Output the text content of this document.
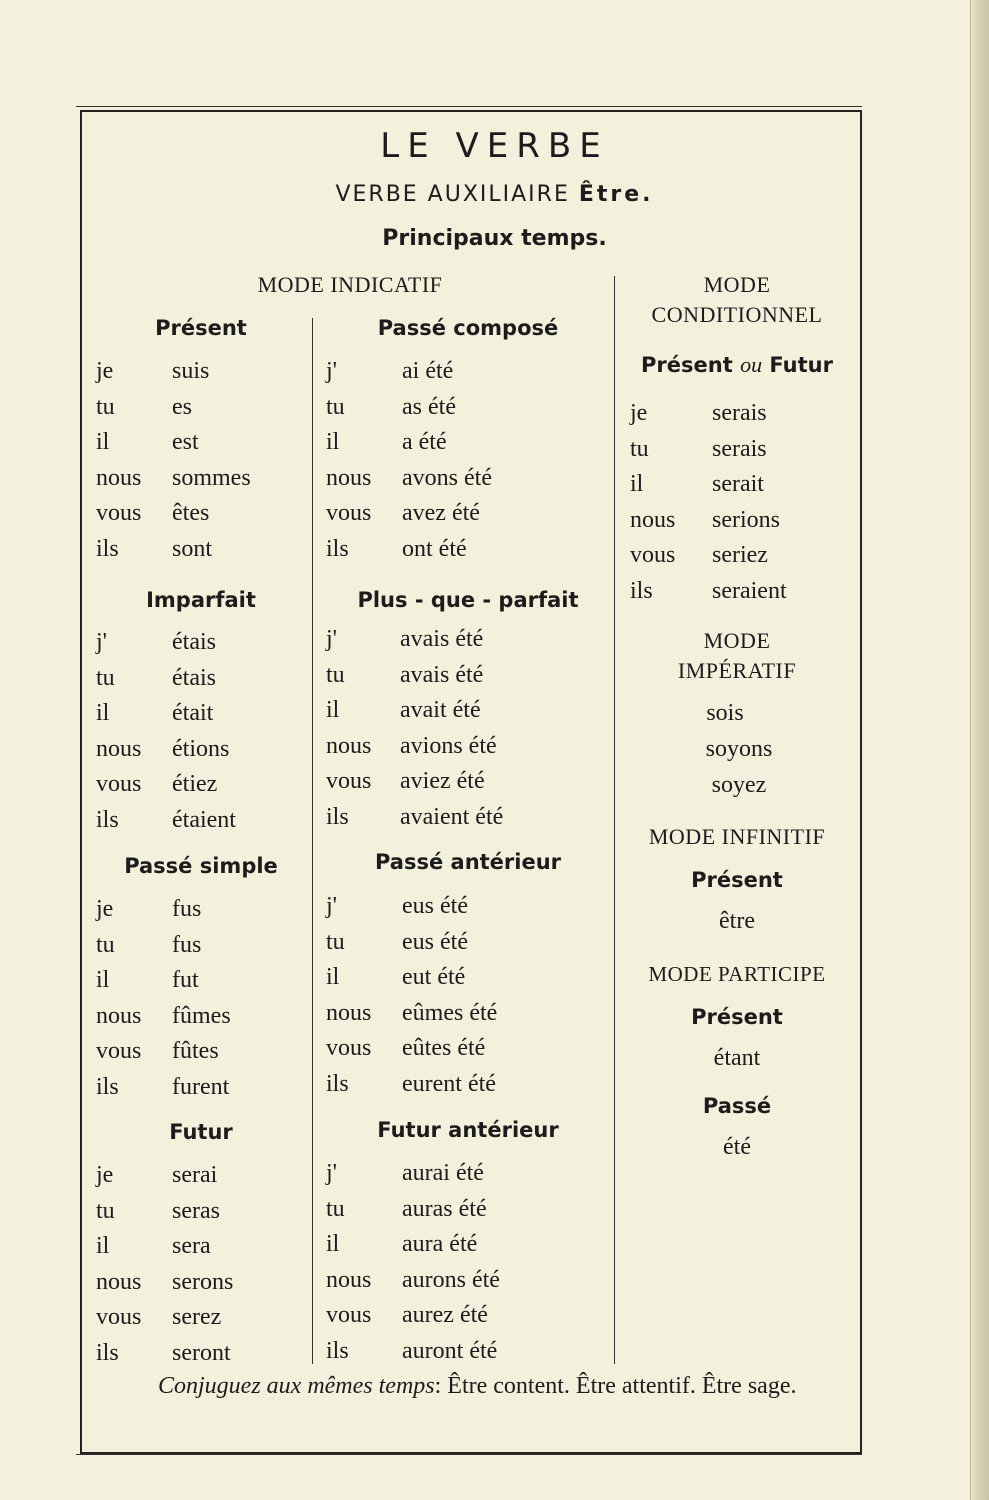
LE VERBE
VERBE AUXILIAIRE Être.
Principaux temps.
MODE INDICATIF
Présent
je suis
tu es
il	est
nous sommes
vous êtes
ils sont
Passé composé
j'	ai été
tu as été
il	a été
nous avons été
vous avez été
ils ont été
Imparfait
j'	étais
tu étais
il	était
nous étions
vous étiez
ils étaient
Plus - que - parfait
j'	avais été
tu avais été
il	avait été
nous avions été
vous aviez été
ils avaient été
Passé simple
je fus
tu fus
il	fut
nous fûmes
vous fûtes
ils furent
Passé antérieur
j'	eus été
tu eus été
il	eut été
nous eûmes été
vous eûtes été
ils eurent été
Futur
je serai
tu seras
il	sera
nous serons
vous serez
ils seront
Futur antérieur
j'	aurai été
tu auras été
il	aura été
nous aurons été
vous aurez été
ils auront été
MODE
CONDITIONNEL
Présent ou Futur
je	serais
tu	serais
il	serait
nous serions
vous seriez
ils seraient
MODE
IMPÉRATIF
sois
soyons
soyez
MODE INFINITIF
Présent
être
MODE PARTICIPE
Présent
étant
Passé
été
Conjuguez aux mêmes temps: Être content. Être attentif. Être sage.
